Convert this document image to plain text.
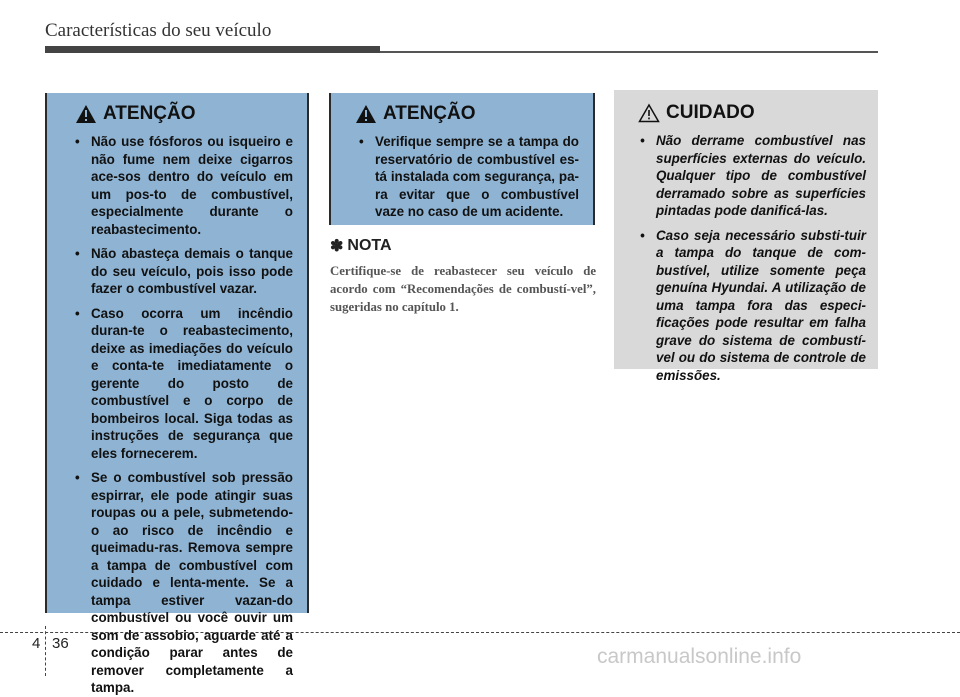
Características do seu veículo
ATENÇÃO
• Não use fósforos ou isqueiro e não fume nem deixe cigarros ace-sos dentro do veículo em um pos-to de combustível, especialmente durante o reabastecimento.
• Não abasteça demais o tanque do seu veículo, pois isso pode fazer o combustível vazar.
• Caso ocorra um incêndio duran-te o reabastecimento, deixe as imediações do veículo e conta-te imediatamente o gerente do posto de combustível e o corpo de bombeiros local. Siga todas as instruções de segurança que eles fornecerem.
• Se o combustível sob pressão espirrar, ele pode atingir suas roupas ou a pele, submetendo-o ao risco de incêndio e queimadu-ras. Remova sempre a tampa de combustível com cuidado e lenta-mente. Se a tampa estiver vazan-do combustível ou você ouvir um som de assobio, aguarde até a condição parar antes de remover completamente a tampa.
ATENÇÃO
• Verifique sempre se a tampa do reservatório de combustível es-tá instalada com segurança, pa-ra evitar que o combustível vaze no caso de um acidente.
✽ NOTA
Certifique-se de reabastecer seu veículo de acordo com “Recomendações de combustí-vel”, sugeridas no capítulo 1.
CUIDADO
• Não derrame combustível nas superfícies externas do veículo. Qualquer tipo de combustível derramado sobre as superfícies pintadas pode danificá-las.
• Caso seja necessário substi-tuir a tampa do tanque de com-bustível, utilize somente peça genuína Hyundai. A utilização de uma tampa fora das especi-ficações pode resultar em falha grave do sistema de combustí-vel ou do sistema de controle de emissões.
4 36
carmanualsonline.info
